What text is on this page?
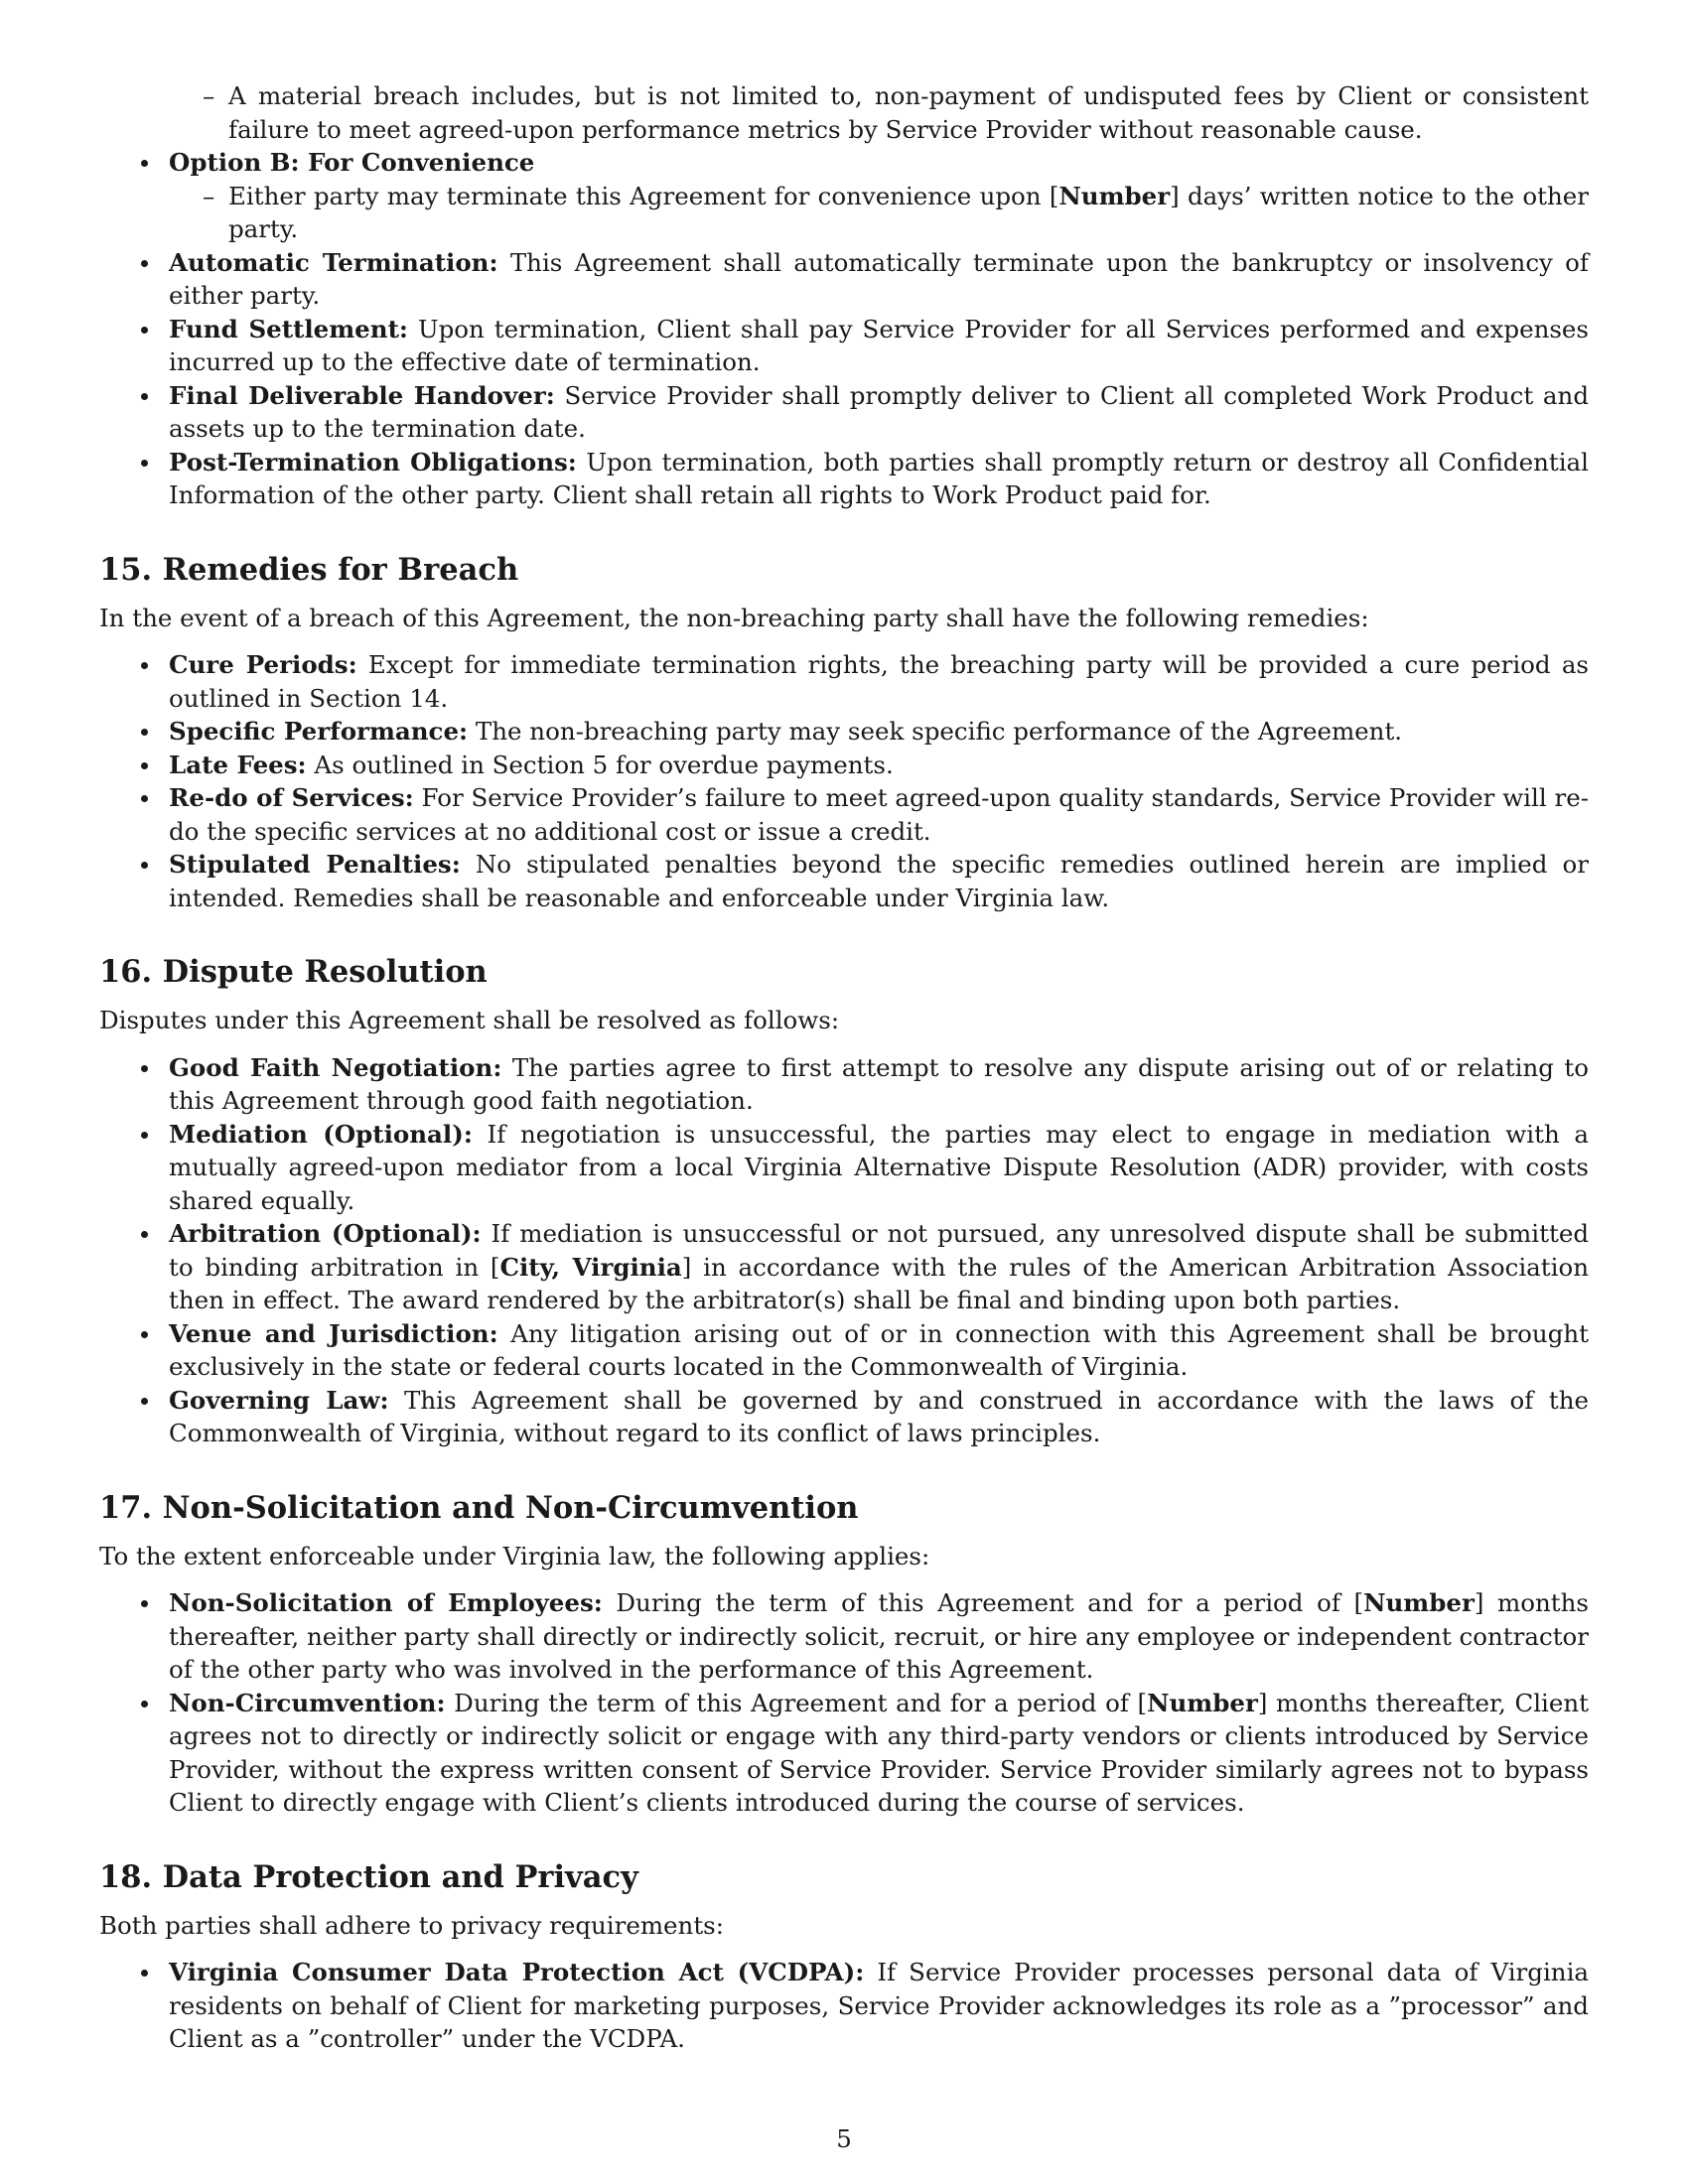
– A material breach includes, but is not limited to, non-payment of undisputed fees by Client or consistent failure to meet agreed-upon performance metrics by Service Provider without reasonable cause.
Option B: For Convenience
– Either party may terminate this Agreement for convenience upon [Number] days’ written notice to the other party.
Automatic Termination: This Agreement shall automatically terminate upon the bankruptcy or insolvency of either party.
Fund Settlement: Upon termination, Client shall pay Service Provider for all Services performed and expenses incurred up to the effective date of termination.
Final Deliverable Handover: Service Provider shall promptly deliver to Client all completed Work Product and assets up to the termination date.
Post-Termination Obligations: Upon termination, both parties shall promptly return or destroy all Confidential Information of the other party. Client shall retain all rights to Work Product paid for.
15. Remedies for Breach

In the event of a breach of this Agreement, the non-breaching party shall have the following remedies:

Cure Periods: Except for immediate termination rights, the breaching party will be provided a cure period as outlined in Section 14.
Specific Performance: The non-breaching party may seek specific performance of the Agreement.
Late Fees: As outlined in Section 5 for overdue payments.
Re-do of Services: For Service Provider’s failure to meet agreed-upon quality standards, Service Provider will re-do the specific services at no additional cost or issue a credit.
Stipulated Penalties: No stipulated penalties beyond the specific remedies outlined herein are implied or intended. Remedies shall be reasonable and enforceable under Virginia law.
16. Dispute Resolution

Disputes under this Agreement shall be resolved as follows:

Good Faith Negotiation: The parties agree to first attempt to resolve any dispute arising out of or relating to this Agreement through good faith negotiation.
Mediation (Optional): If negotiation is unsuccessful, the parties may elect to engage in mediation with a mutually agreed-upon mediator from a local Virginia Alternative Dispute Resolution (ADR) provider, with costs shared equally.
Arbitration (Optional): If mediation is unsuccessful or not pursued, any unresolved dispute shall be submitted to binding arbitration in [City, Virginia] in accordance with the rules of the American Arbitration Association then in effect. The award rendered by the arbitrator(s) shall be final and binding upon both parties.
Venue and Jurisdiction: Any litigation arising out of or in connection with this Agreement shall be brought exclusively in the state or federal courts located in the Commonwealth of Virginia.
Governing Law: This Agreement shall be governed by and construed in accordance with the laws of the Commonwealth of Virginia, without regard to its conflict of laws principles.
17. Non-Solicitation and Non-Circumvention

To the extent enforceable under Virginia law, the following applies:

Non-Solicitation of Employees: During the term of this Agreement and for a period of [Number] months thereafter, neither party shall directly or indirectly solicit, recruit, or hire any employee or independent contractor of the other party who was involved in the performance of this Agreement.
Non-Circumvention: During the term of this Agreement and for a period of [Number] months thereafter, Client agrees not to directly or indirectly solicit or engage with any third-party vendors or clients introduced by Service Provider, without the express written consent of Service Provider. Service Provider similarly agrees not to bypass Client to directly engage with Client’s clients introduced during the course of services.
18. Data Protection and Privacy

Both parties shall adhere to privacy requirements:

Virginia Consumer Data Protection Act (VCDPA): If Service Provider processes personal data of Virginia residents on behalf of Client for marketing purposes, Service Provider acknowledges its role as a ”processor” and Client as a ”controller” under the VCDPA.
5
